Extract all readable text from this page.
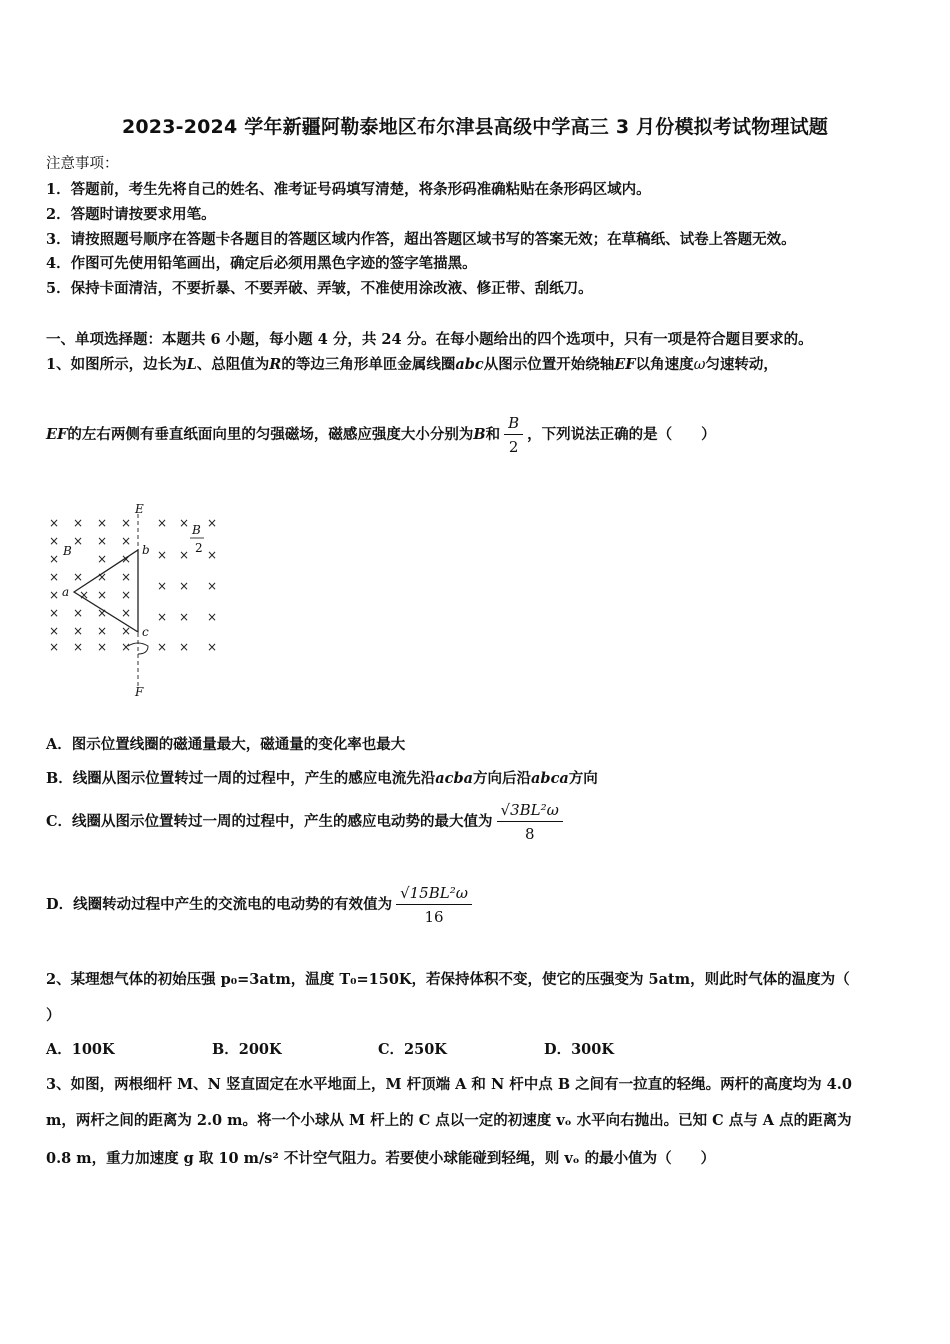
2023-2024 学年新疆阿勒泰地区布尔津县高级中学高三 3 月份模拟考试物理试题
注意事项：
1．答题前，考生先将自己的姓名、准考证号码填写清楚，将条形码准确粘贴在条形码区域内。
2．答题时请按要求用笔。
3．请按照题号顺序在答题卡各题目的答题区域内作答，超出答题区域书写的答案无效；在草稿纸、试卷上答题无效。
4．作图可先使用铅笔画出，确定后必须用黑色字迹的签字笔描黑。
5．保持卡面清洁，不要折暴、不要弄破、弄皱，不准使用涂改液、修正带、刮纸刀。
一、单项选择题：本题共 6 小题，每小题 4 分，共 24 分。在每小题给出的四个选项中，只有一项是符合题目要求的。
1、如图所示，边长为L、总阻值为R的等边三角形单匝金属线圈abc从图示位置开始绕轴EF以角速度ω匀速转动，
EF的左右两侧有垂直纸面向里的匀强磁场，磁感应强度大小分别为B和 $\frac{B}{2}$ ，下列说法正确的是（　　）
× × × ×
× × × ×
×	× ×
× × × ×
× × × ×
× × × ×
× × × ×
× × × ×
× × ×
× × ×
× × ×
× × ×
× × ×
E
F
B
B
2
a
b
c
A．图示位置线圈的磁通量最大，磁通量的变化率也最大
B．线圈从图示位置转过一周的过程中，产生的感应电流先沿acba方向后沿abca方向
C．线圈从图示位置转过一周的过程中，产生的感应电动势的最大值为 $\frac{\text{√3BL²ω}}{8}$
D．线圈转动过程中产生的交流电的电动势的有效值为 $\frac{\text{√15BL²ω}}{16}$
2、某理想气体的初始压强 p₀=3atm，温度 T₀=150K，若保持体积不变，使它的压强变为 5atm，则此时气体的温度为（
）
A．100K	B．200K	C．250K	D．300K
3、如图，两根细杆 M、N 竖直固定在水平地面上，M 杆顶端 A 和 N 杆中点 B 之间有一拉直的轻绳。两杆的高度均为 4.0
m，两杆之间的距离为 2.0 m。将一个小球从 M 杆上的 C 点以一定的初速度 vₒ 水平向右抛出。已知 C 点与 A 点的距离为
0.8 m，重力加速度 g 取 10 m/s² 不计空气阻力。若要使小球能碰到轻绳，则 vₒ 的最小值为（　　）
